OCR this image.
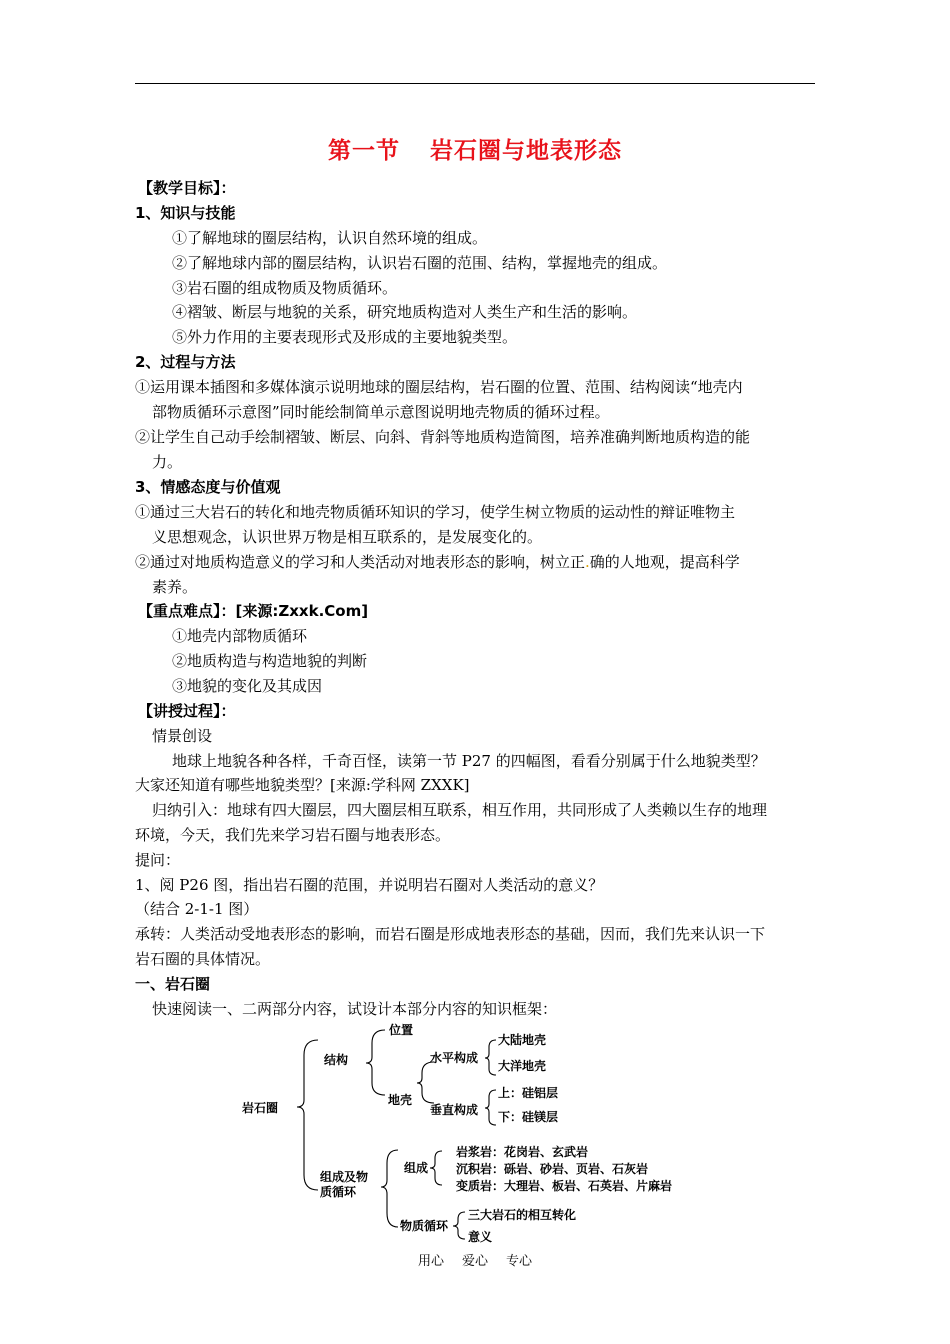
第一节 岩石圈与地表形态
【教学目标】：
1、知识与技能
①了解地球的圈层结构，认识自然环境的组成。
②了解地球内部的圈层结构，认识岩石圈的范围、结构，掌握地壳的组成。
③岩石圈的组成物质及物质循环。
④褶皱、断层与地貌的关系，研究地质构造对人类生产和生活的影响。
⑤外力作用的主要表现形式及形成的主要地貌类型。
2、过程与方法
①运用课本插图和多媒体演示说明地球的圈层结构，岩石圈的位置、范围、结构阅读“地壳内
部物质循环示意图”同时能绘制简单示意图说明地壳物质的循环过程。
②让学生自己动手绘制褶皱、断层、向斜、背斜等地质构造简图，培养准确判断地质构造的能
力。
3、情感态度与价值观
①通过三大岩石的转化和地壳物质循环知识的学习，使学生树立物质的运动性的辩证唯物主
义思想观念，认识世界万物是相互联系的，是发展变化的。
②通过对地质构造意义的学习和人类活动对地表形态的影响，树立正.确的人地观，提高科学
素养。
【重点难点】：[来源:Zxxk.Com]
①地壳内部物质循环
②地质构造与构造地貌的判断
③地貌的变化及其成因
【讲授过程】：
情景创设
地球上地貌各种各样，千奇百怪，读第一节 P27 的四幅图，看看分别属于什么地貌类型？
大家还知道有哪些地貌类型？[来源:学科网 ZXXK]
归纳引入：地球有四大圈层，四大圈层相互联系，相互作用，共同形成了人类赖以生存的地理
环境，今天，我们先来学习岩石圈与地表形态。
提问：
1、阅 P26 图，指出岩石圈的范围，并说明岩石圈对人类活动的意义？
（结合 2-1-1 图）
承转：人类活动受地表形态的影响，而岩石圈是形成地表形态的基础，因而，我们先来认识一下
岩石圈的具体情况。
一、岩石圈
快速阅读一、二两部分内容，试设计本部分内容的知识框架：
岩石圈
结构
位置
地壳
水平构成
大陆地壳
大洋地壳
垂直构成
上：硅铝层
下：硅镁层
组成及物
质循环
组成
岩浆岩：花岗岩、玄武岩
沉积岩：砾岩、砂岩、页岩、石灰岩
变质岩：大理岩、板岩、石英岩、片麻岩
物质循环
三大岩石的相互转化
意义
用心 爱心 专心
